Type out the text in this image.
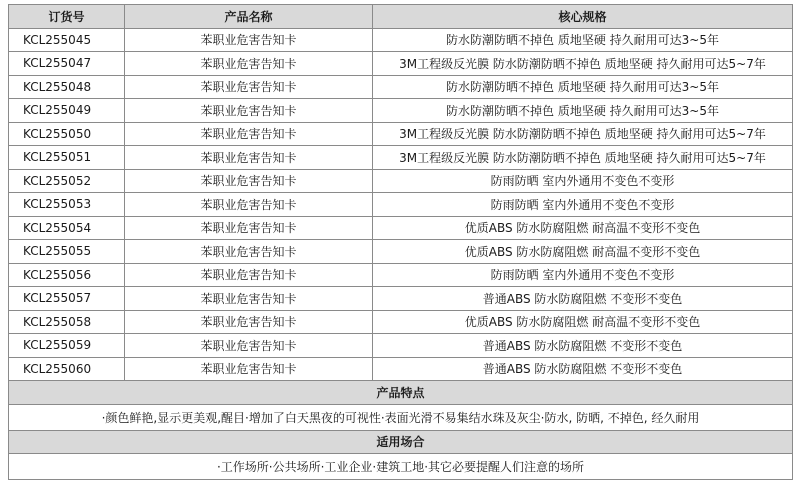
订货号	产品名称	核心规格
KCL255045	苯职业危害告知卡	防水防潮防晒不掉色 质地坚硬 持久耐用可达3~5年
KCL255047	苯职业危害告知卡	3M工程级反光膜 防水防潮防晒不掉色 质地坚硬 持久耐用可达5~7年
KCL255048	苯职业危害告知卡	防水防潮防晒不掉色 质地坚硬 持久耐用可达3~5年
KCL255049	苯职业危害告知卡	防水防潮防晒不掉色 质地坚硬 持久耐用可达3~5年
KCL255050	苯职业危害告知卡	3M工程级反光膜 防水防潮防晒不掉色 质地坚硬 持久耐用可达5~7年
KCL255051	苯职业危害告知卡	3M工程级反光膜 防水防潮防晒不掉色 质地坚硬 持久耐用可达5~7年
KCL255052	苯职业危害告知卡	防雨防晒 室内外通用不变色不变形
KCL255053	苯职业危害告知卡	防雨防晒 室内外通用不变色不变形
KCL255054	苯职业危害告知卡	优质ABS 防水防腐阻燃 耐高温不变形不变色
KCL255055	苯职业危害告知卡	优质ABS 防水防腐阻燃 耐高温不变形不变色
KCL255056	苯职业危害告知卡	防雨防晒 室内外通用不变色不变形
KCL255057	苯职业危害告知卡	普通ABS 防水防腐阻燃 不变形不变色
KCL255058	苯职业危害告知卡	优质ABS 防水防腐阻燃 耐高温不变形不变色
KCL255059	苯职业危害告知卡	普通ABS 防水防腐阻燃 不变形不变色
KCL255060	苯职业危害告知卡	普通ABS 防水防腐阻燃 不变形不变色
产品特点		
·颜色鲜艳,显示更美观,醒目·增加了白天黑夜的可视性·表面光滑不易集结水珠及灰尘·防水, 防晒, 不掉色, 经久耐用		
适用场合		
·工作场所·公共场所·工业企业·建筑工地·其它必要提醒人们注意的场所		
